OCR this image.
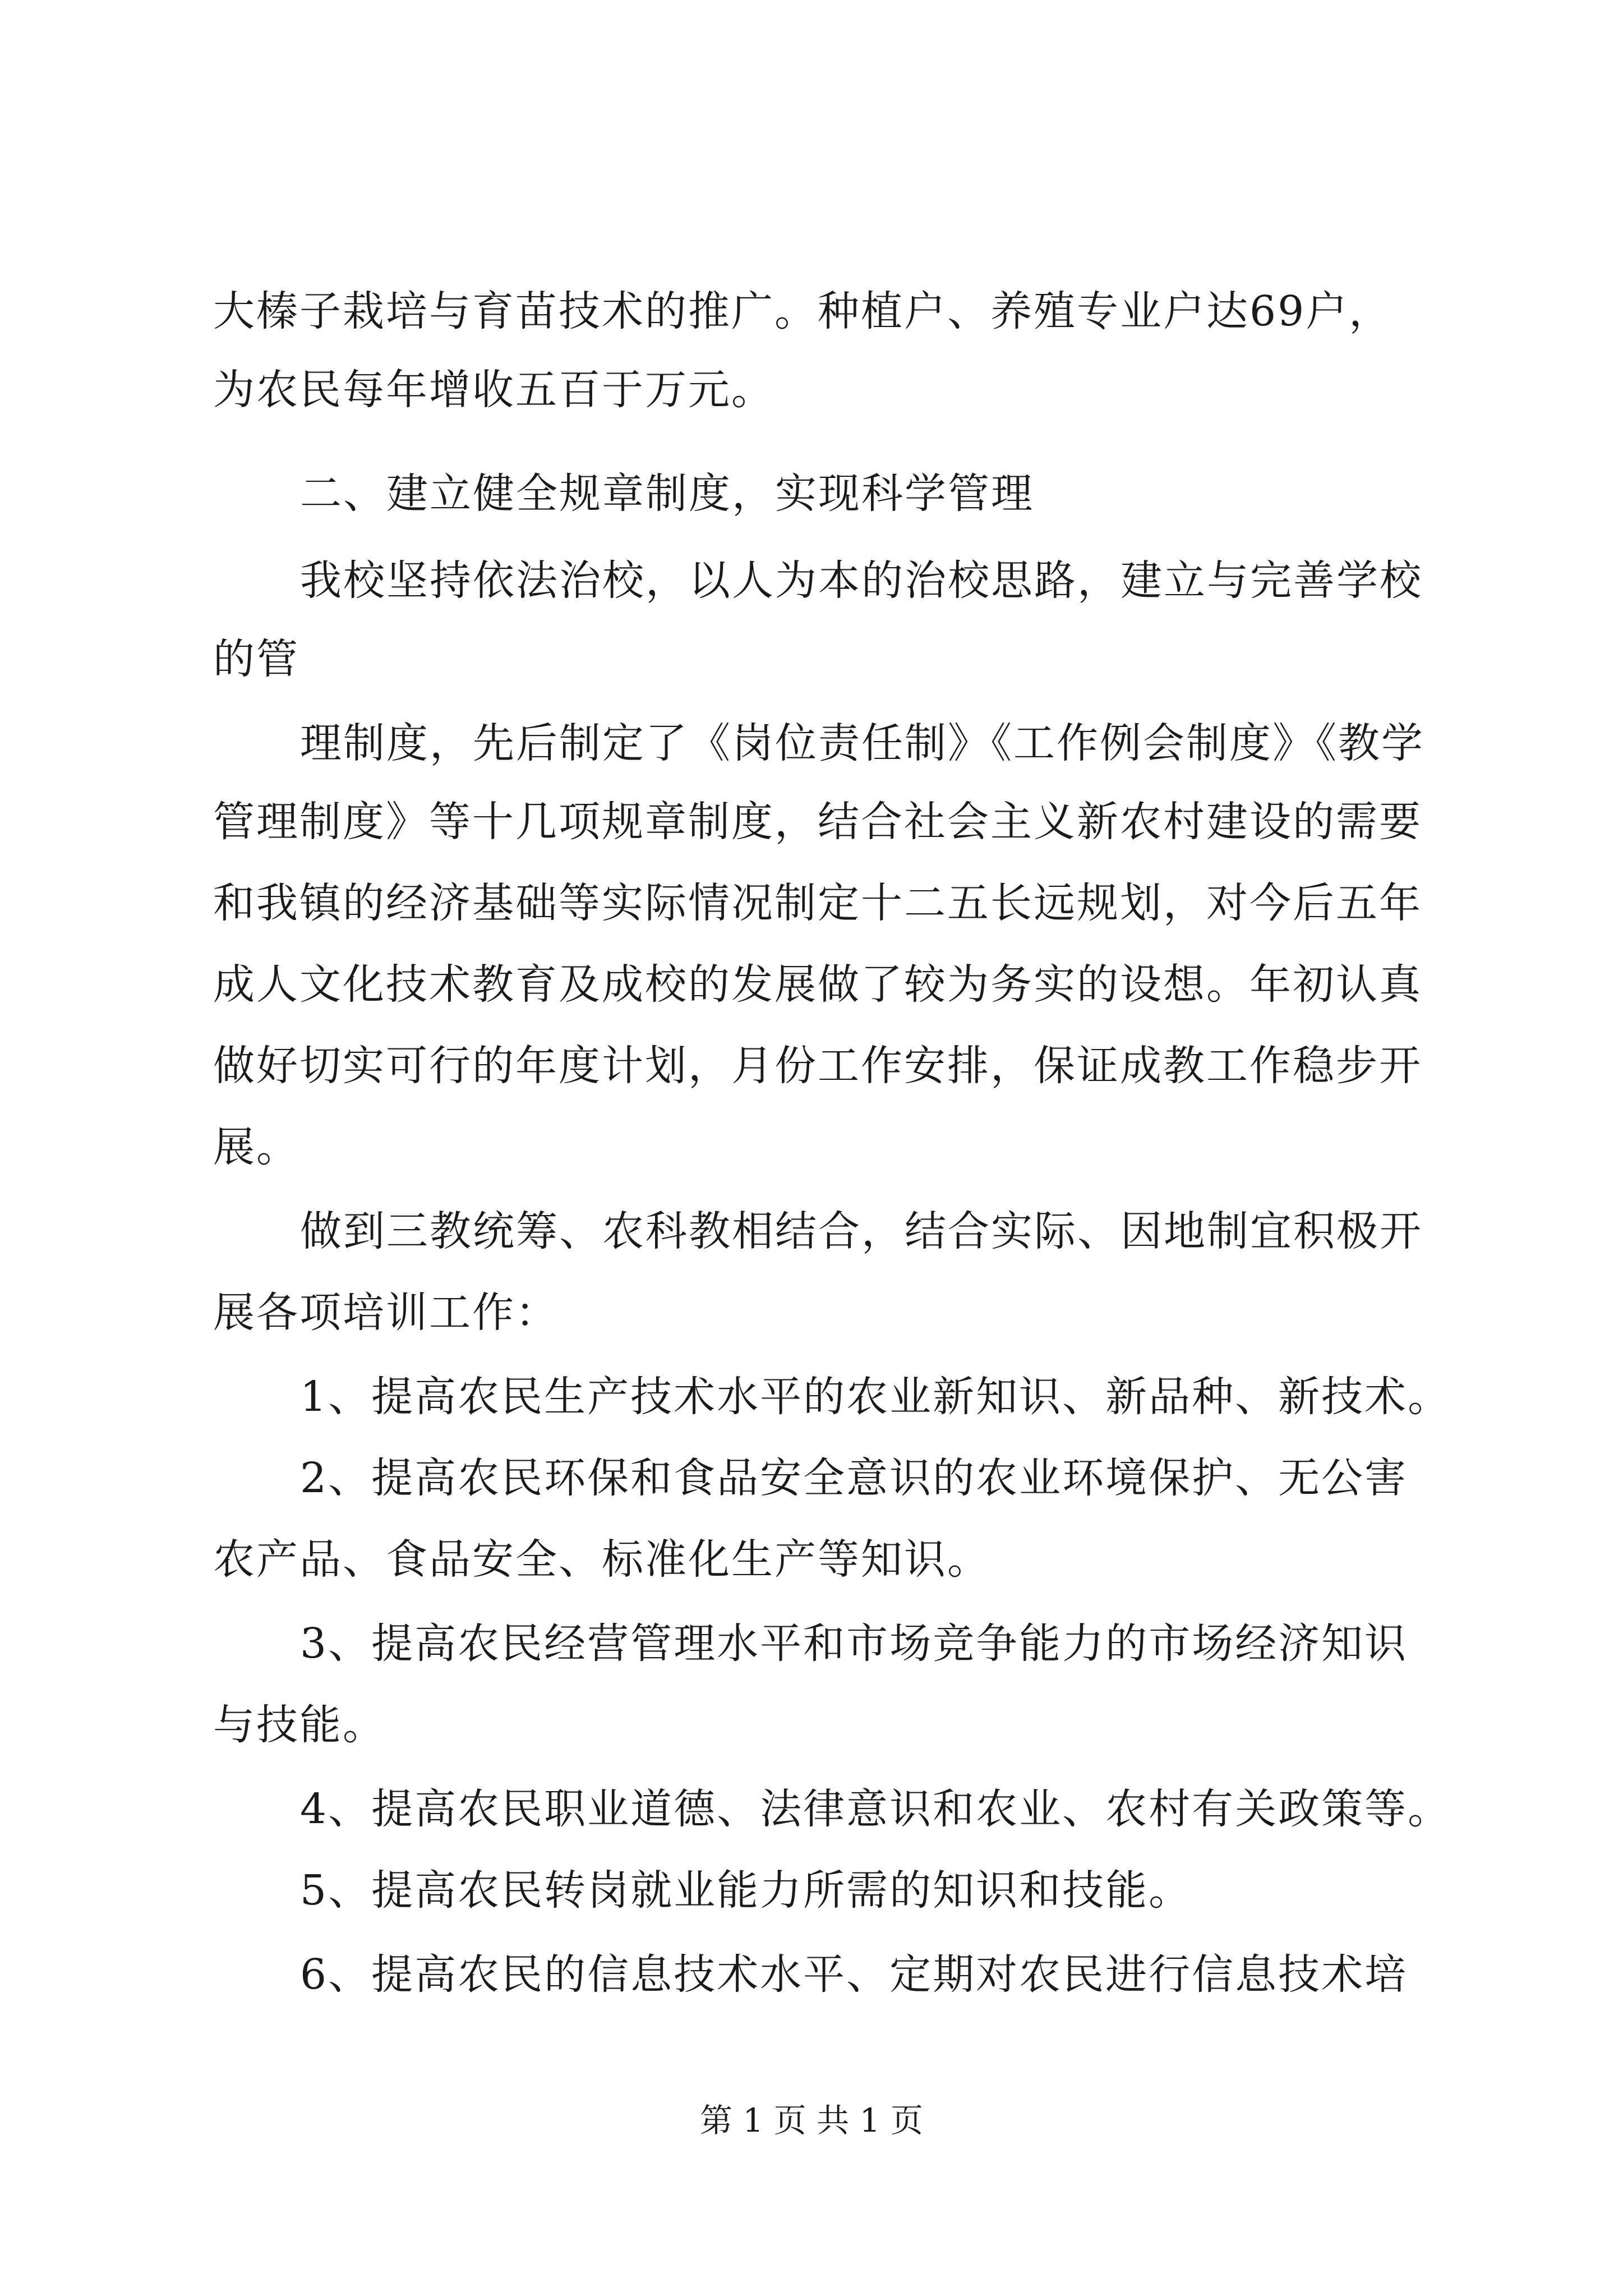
大榛子栽培与育苗技术的推广。种植户、养殖专业户达69户，
为农民每年增收五百于万元。
二、建立健全规章制度，实现科学管理
我校坚持依法治校，以人为本的治校思路，建立与完善学校
的管
理制度，先后制定了《岗位责任制》《工作例会制度》《教学
管理制度》等十几项规章制度，结合社会主义新农村建设的需要
和我镇的经济基础等实际情况制定十二五长远规划，对今后五年
成人文化技术教育及成校的发展做了较为务实的设想。年初认真
做好切实可行的年度计划，月份工作安排，保证成教工作稳步开
展。
做到三教统筹、农科教相结合，结合实际、因地制宜积极开
展各项培训工作：
1、提高农民生产技术水平的农业新知识、新品种、新技术。
2、提高农民环保和食品安全意识的农业环境保护、无公害
农产品、食品安全、标准化生产等知识。
3、提高农民经营管理水平和市场竞争能力的市场经济知识
与技能。
4、提高农民职业道德、法律意识和农业、农村有关政策等。
5、提高农民转岗就业能力所需的知识和技能。
6、提高农民的信息技术水平、定期对农民进行信息技术培
第 1 页 共 1 页
